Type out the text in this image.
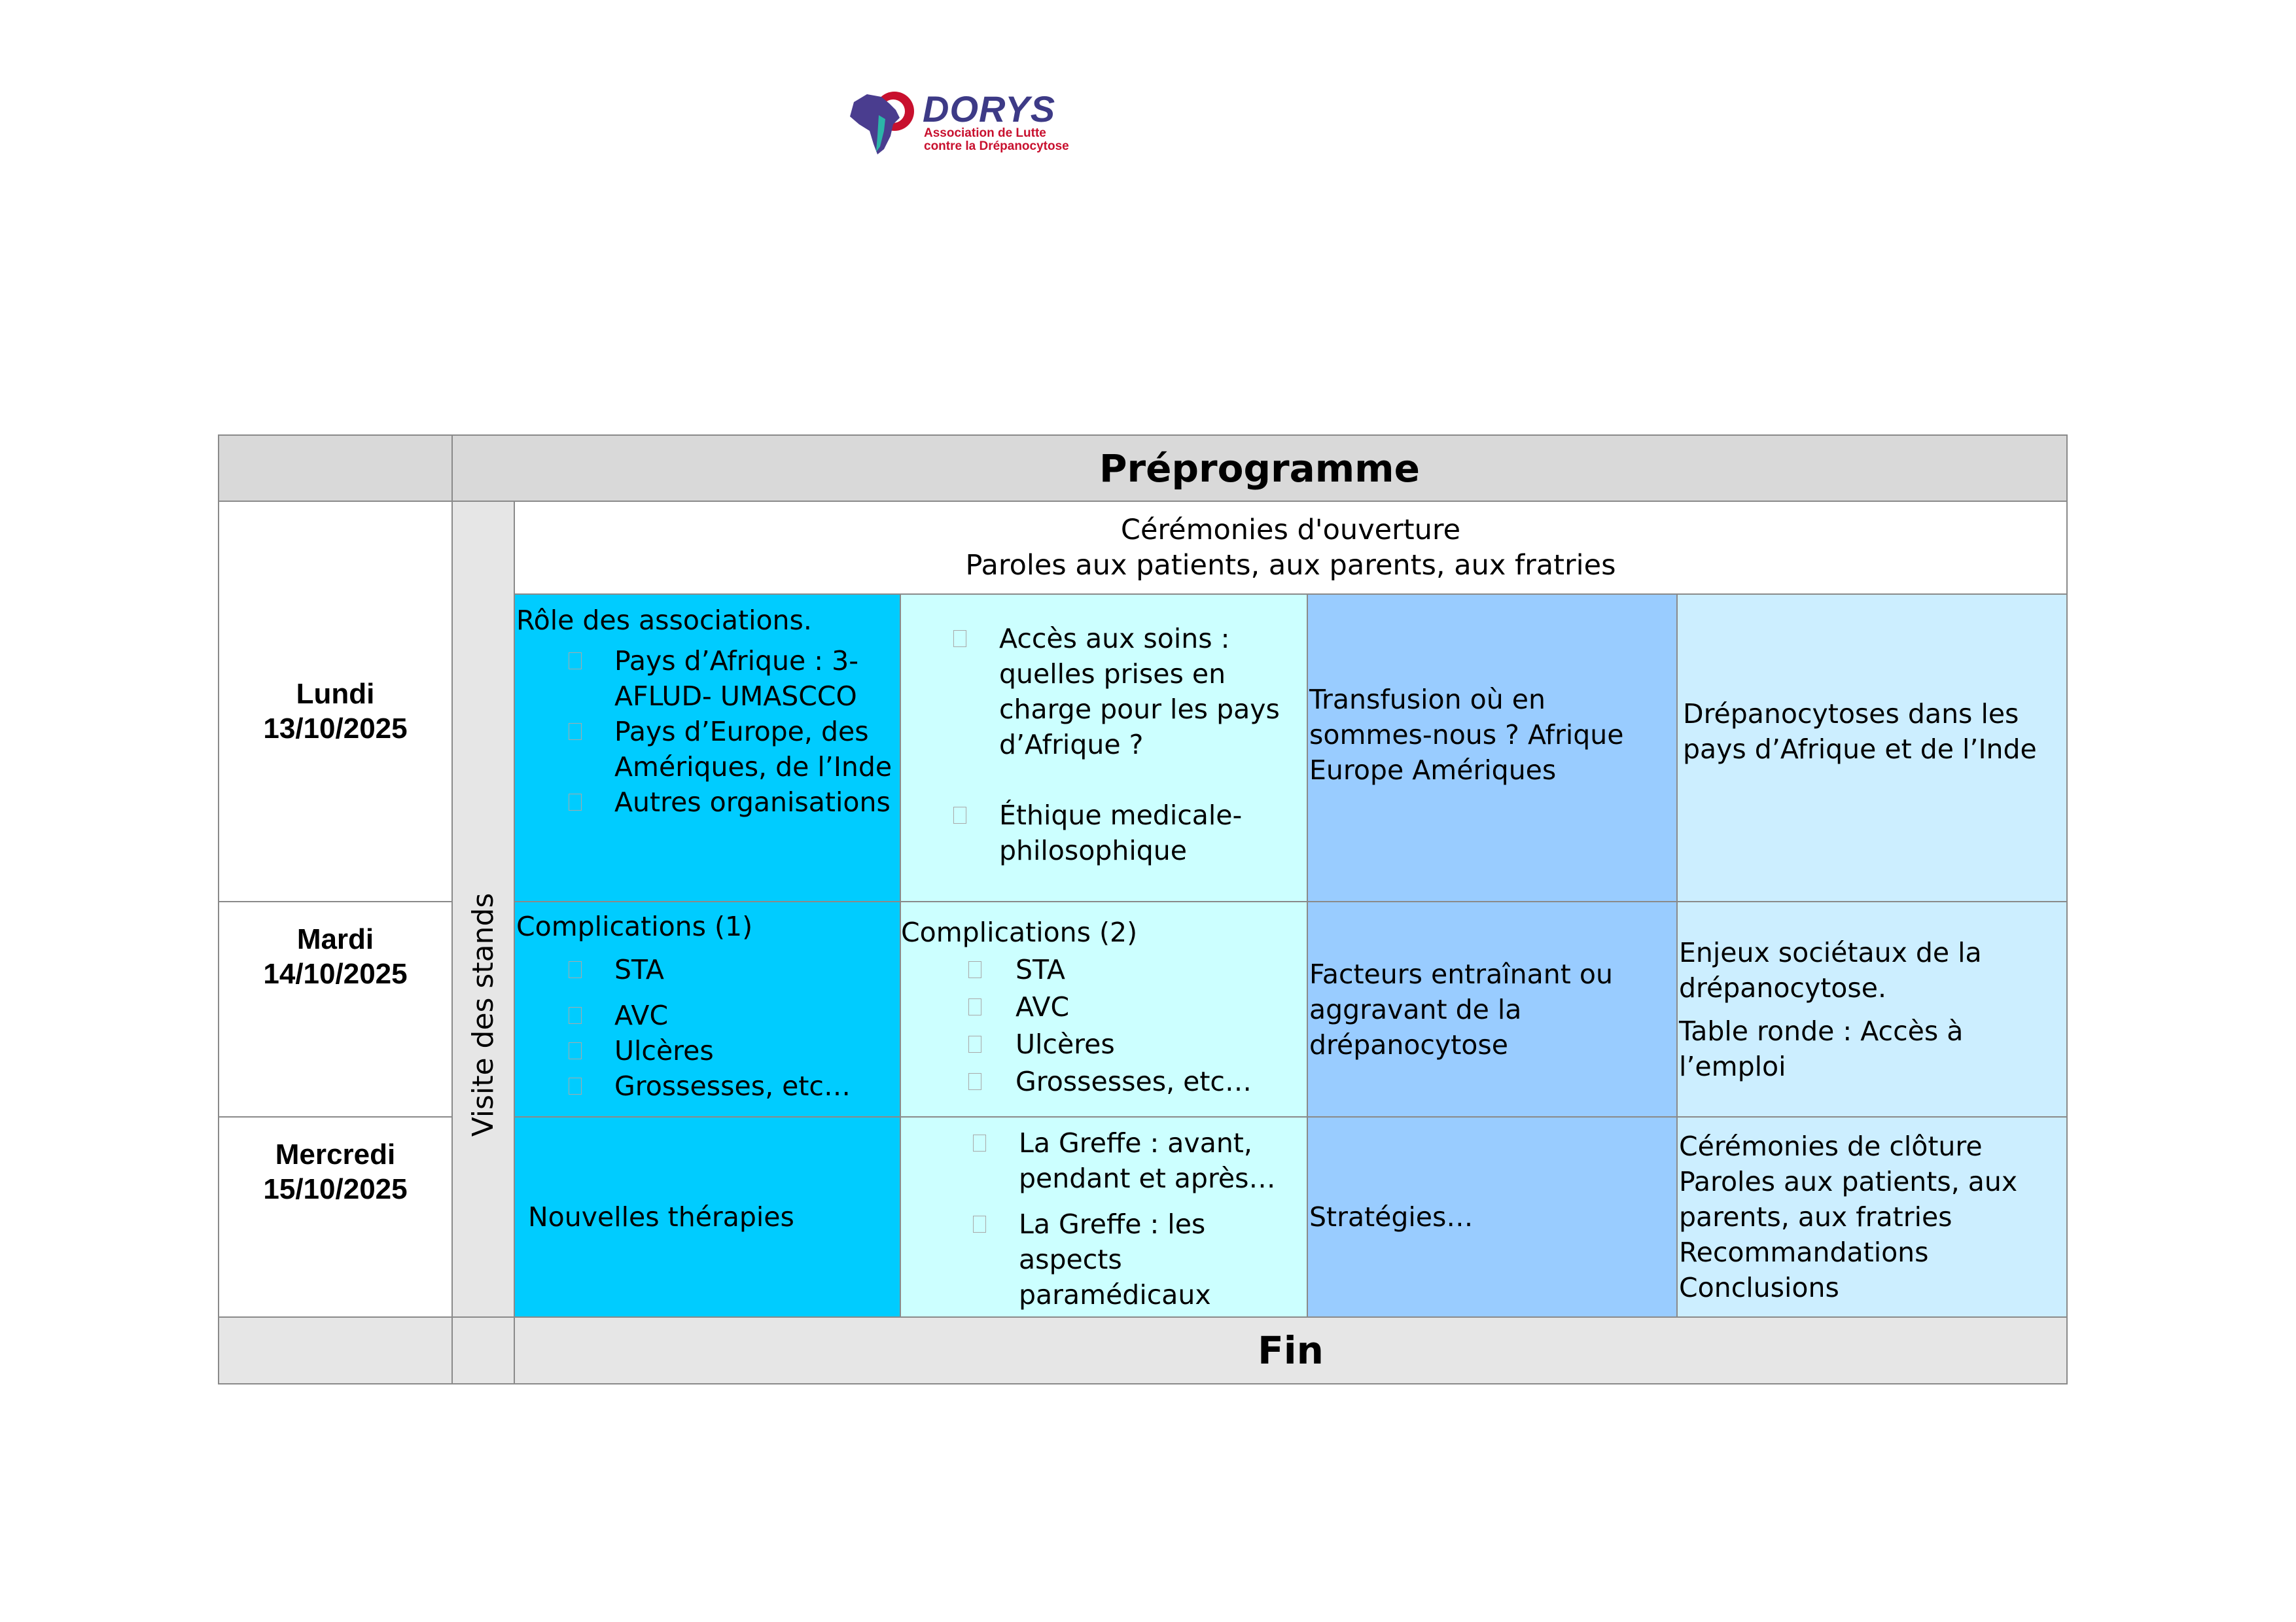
DORYS
Association de Lutte
contre la Drépanocytose
Préprogramme
Lundi
13/10/2025
Mardi
14/10/2025
Mercredi
15/10/2025
Visite des stands
Cérémonies d'ouverture
Paroles aux patients, aux parents, aux fratries
Rôle des associations.
Pays d’Afrique : 3-AFLUD- UMASCCO
Pays d’Europe, des Amériques, de l’Inde
Autres organisations
Accès aux soins : quelles prises en charge pour les pays d’Afrique ?
Éthique medicale-philosophique
Transfusion où en sommes-nous ? Afrique Europe Amériques
Drépanocytoses dans les pays d’Afrique et de l’Inde
Complications (1)
STA
AVC
Ulcères
Grossesses, etc…
Complications (2)
STA
AVC
Ulcères
Grossesses, etc…
Facteurs entraînant ou aggravant de la drépanocytose

Enjeux sociétaux de la drépanocytose.

Table ronde : Accès à l’emploi

Nouvelles thérapies
La Greffe : avant, pendant et après…
La Greffe : les aspects paramédicaux
Stratégies…
Cérémonies de clôture
Paroles aux patients, aux parents, aux fratries
Recommandations
Conclusions
Fin
